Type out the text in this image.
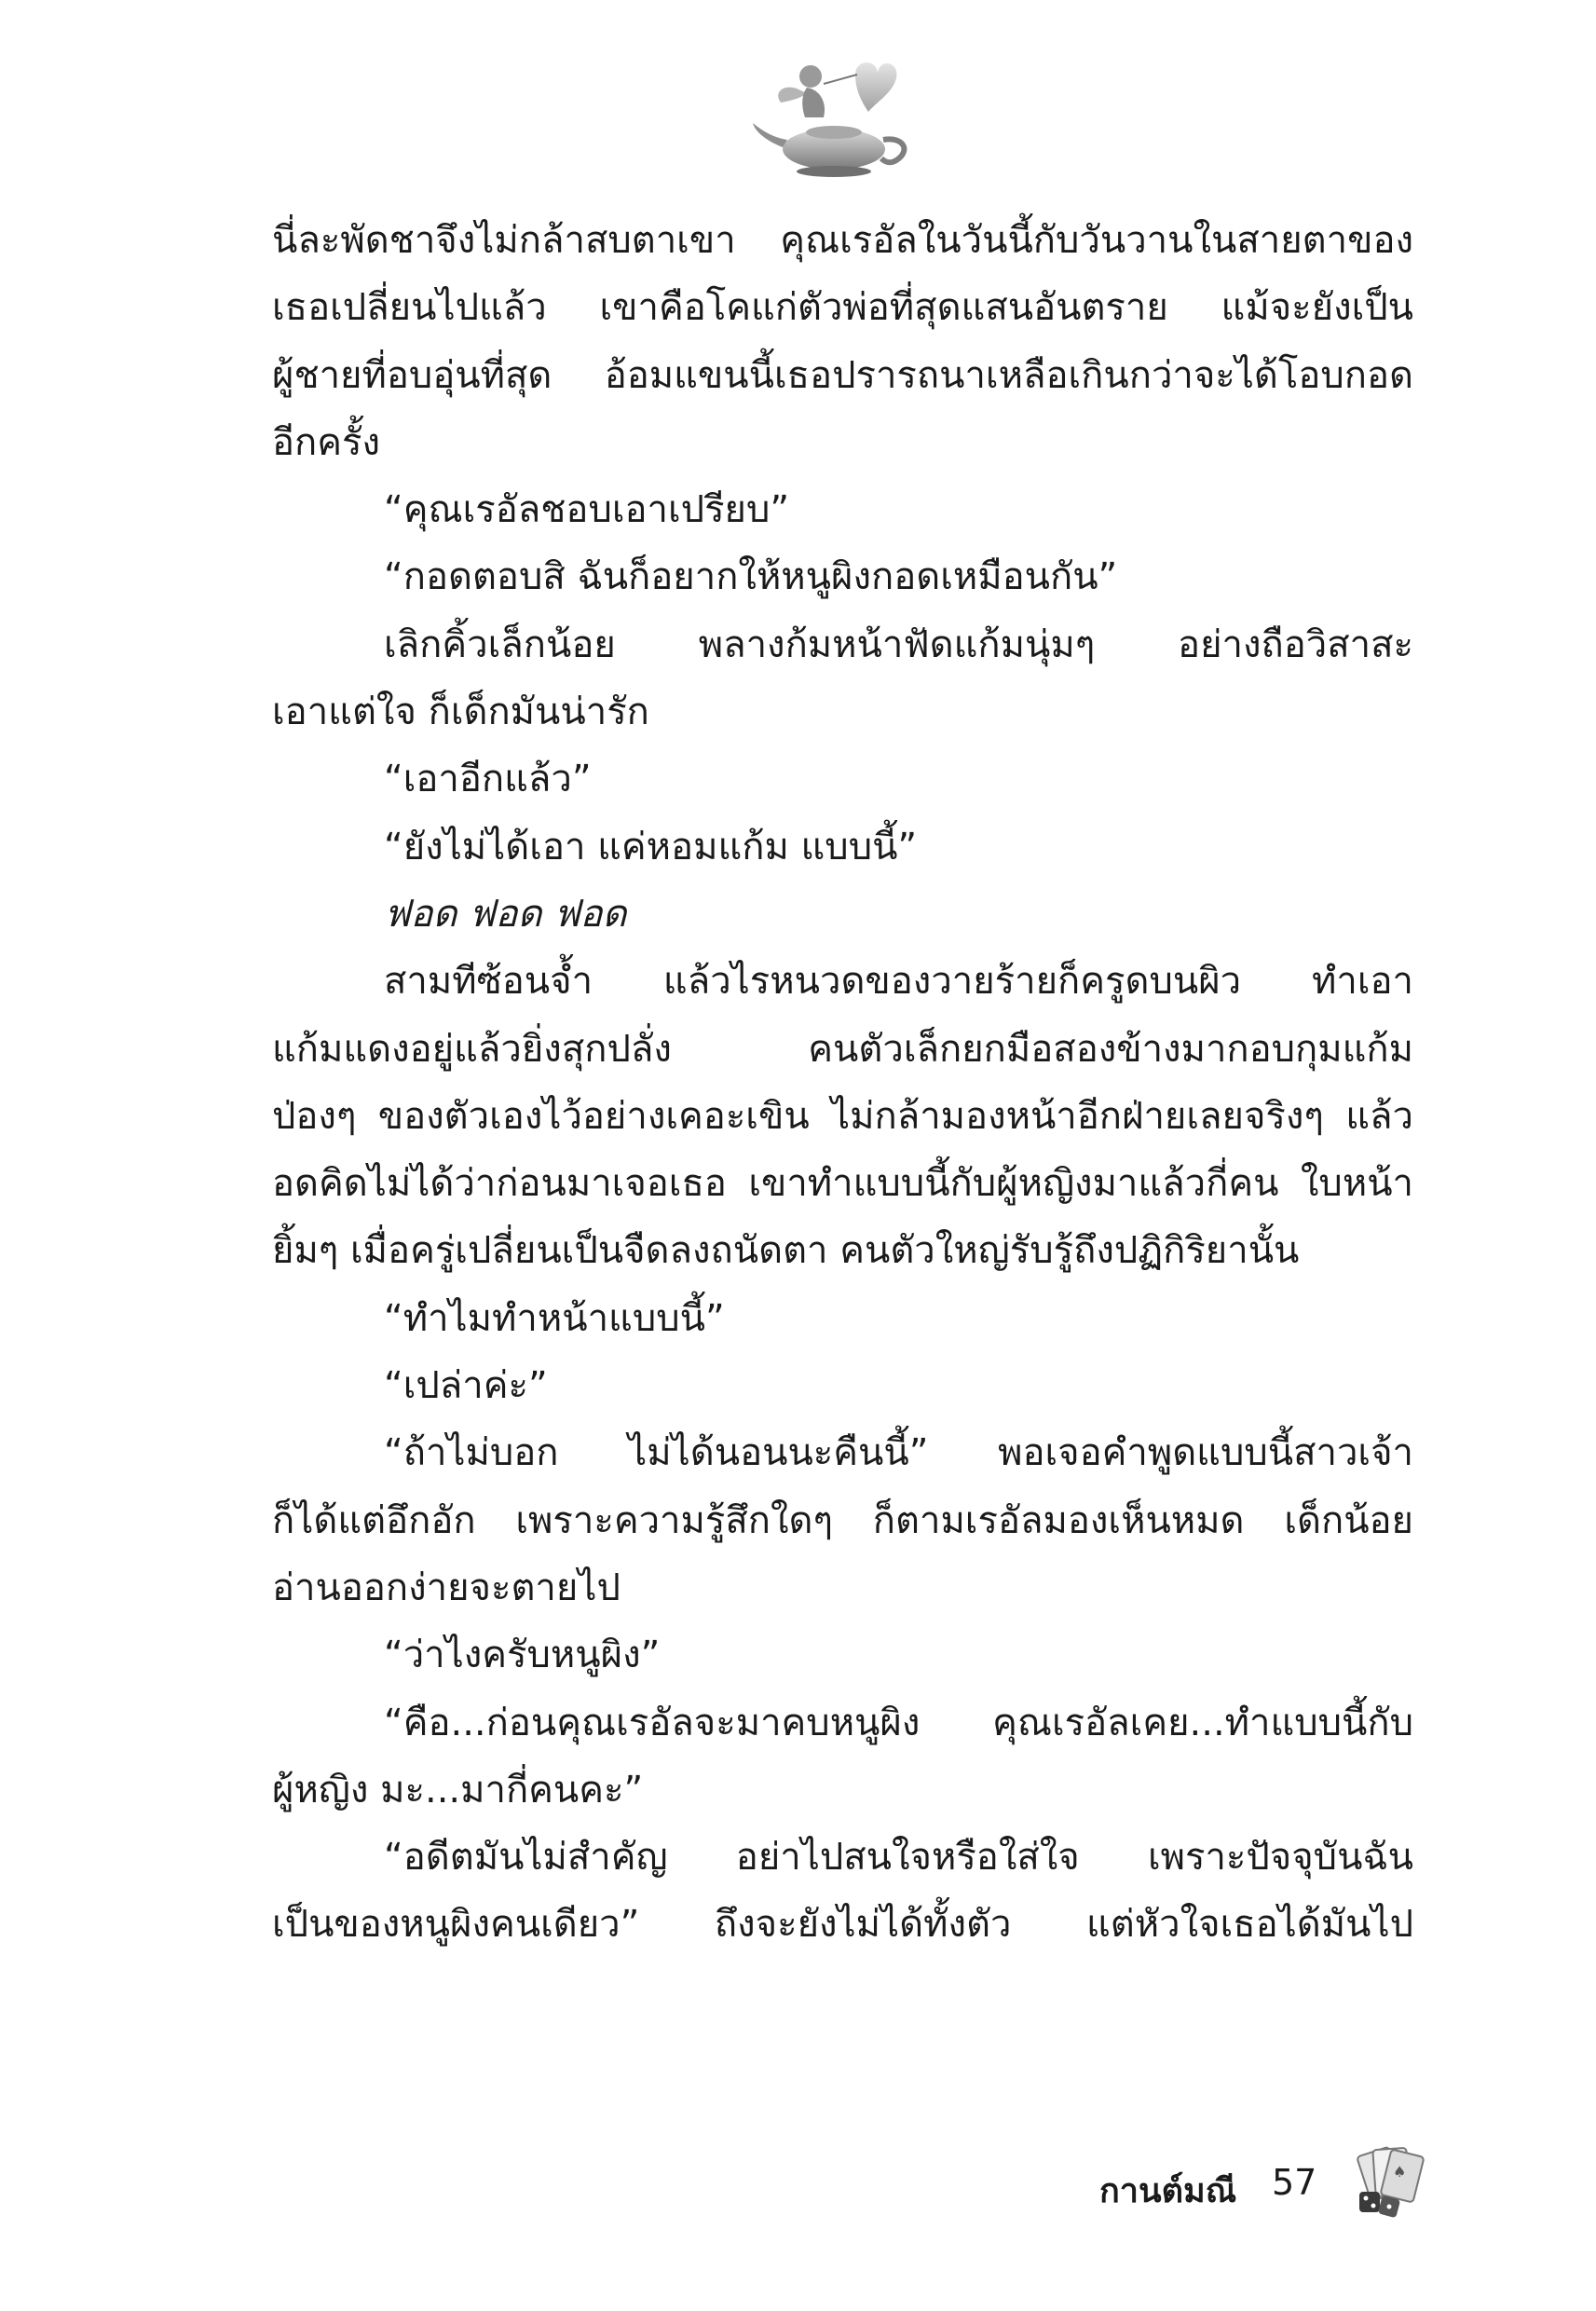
นี่ละพัดชาจึงไม่กล้าสบตาเขา คุณเรอัลในวันนี้กับวันวานในสายตาของ
เธอเปลี่ยนไปแล้ว เขาคือโคแก่ตัวพ่อที่สุดแสนอันตราย แม้จะยังเป็น
ผู้ชายที่อบอุ่นที่สุด อ้อมแขนนี้เธอปรารถนาเหลือเกินกว่าจะได้โอบกอด
อีกครั้ง
“คุณเรอัลชอบเอาเปรียบ”
“กอดตอบสิ ฉันก็อยากให้หนูผิงกอดเหมือนกัน”
เลิกคิ้วเล็กน้อย พลางก้มหน้าฟัดแก้มนุ่มๆ อย่างถือวิสาสะ
เอาแต่ใจ ก็เด็กมันน่ารัก
“เอาอีกแล้ว”
“ยังไม่ได้เอา แค่หอมแก้ม แบบนี้”
ฟอด ฟอด ฟอด
สามทีซ้อนจ้ำ แล้วไรหนวดของวายร้ายก็ครูดบนผิว ทำเอา
แก้มแดงอยู่แล้วยิ่งสุกปลั่ง คนตัวเล็กยกมือสองข้างมากอบกุมแก้ม
ป่องๆ ของตัวเองไว้อย่างเคอะเขิน ไม่กล้ามองหน้าอีกฝ่ายเลยจริงๆ แล้ว
อดคิดไม่ได้ว่าก่อนมาเจอเธอ เขาทำแบบนี้กับผู้หญิงมาแล้วกี่คน ใบหน้า
ยิ้มๆ เมื่อครู่เปลี่ยนเป็นจืดลงถนัดตา คนตัวใหญ่รับรู้ถึงปฏิกิริยานั้น
“ทำไมทำหน้าแบบนี้”
“เปล่าค่ะ”
“ถ้าไม่บอก ไม่ได้นอนนะคืนนี้” พอเจอคำพูดแบบนี้สาวเจ้า
ก็ได้แต่อึกอัก เพราะความรู้สึกใดๆ ก็ตามเรอัลมองเห็นหมด เด็กน้อย
อ่านออกง่ายจะตายไป
“ว่าไงครับหนูผิง”
“คือ...ก่อนคุณเรอัลจะมาคบหนูผิง คุณเรอัลเคย...ทำแบบนี้กับ
ผู้หญิง มะ...มากี่คนคะ”
“อดีตมันไม่สำคัญ อย่าไปสนใจหรือใส่ใจ เพราะปัจจุบันฉัน
เป็นของหนูผิงคนเดียว” ถึงจะยังไม่ได้ทั้งตัว แต่หัวใจเธอได้มันไป
กานต์มณี 57	♠
